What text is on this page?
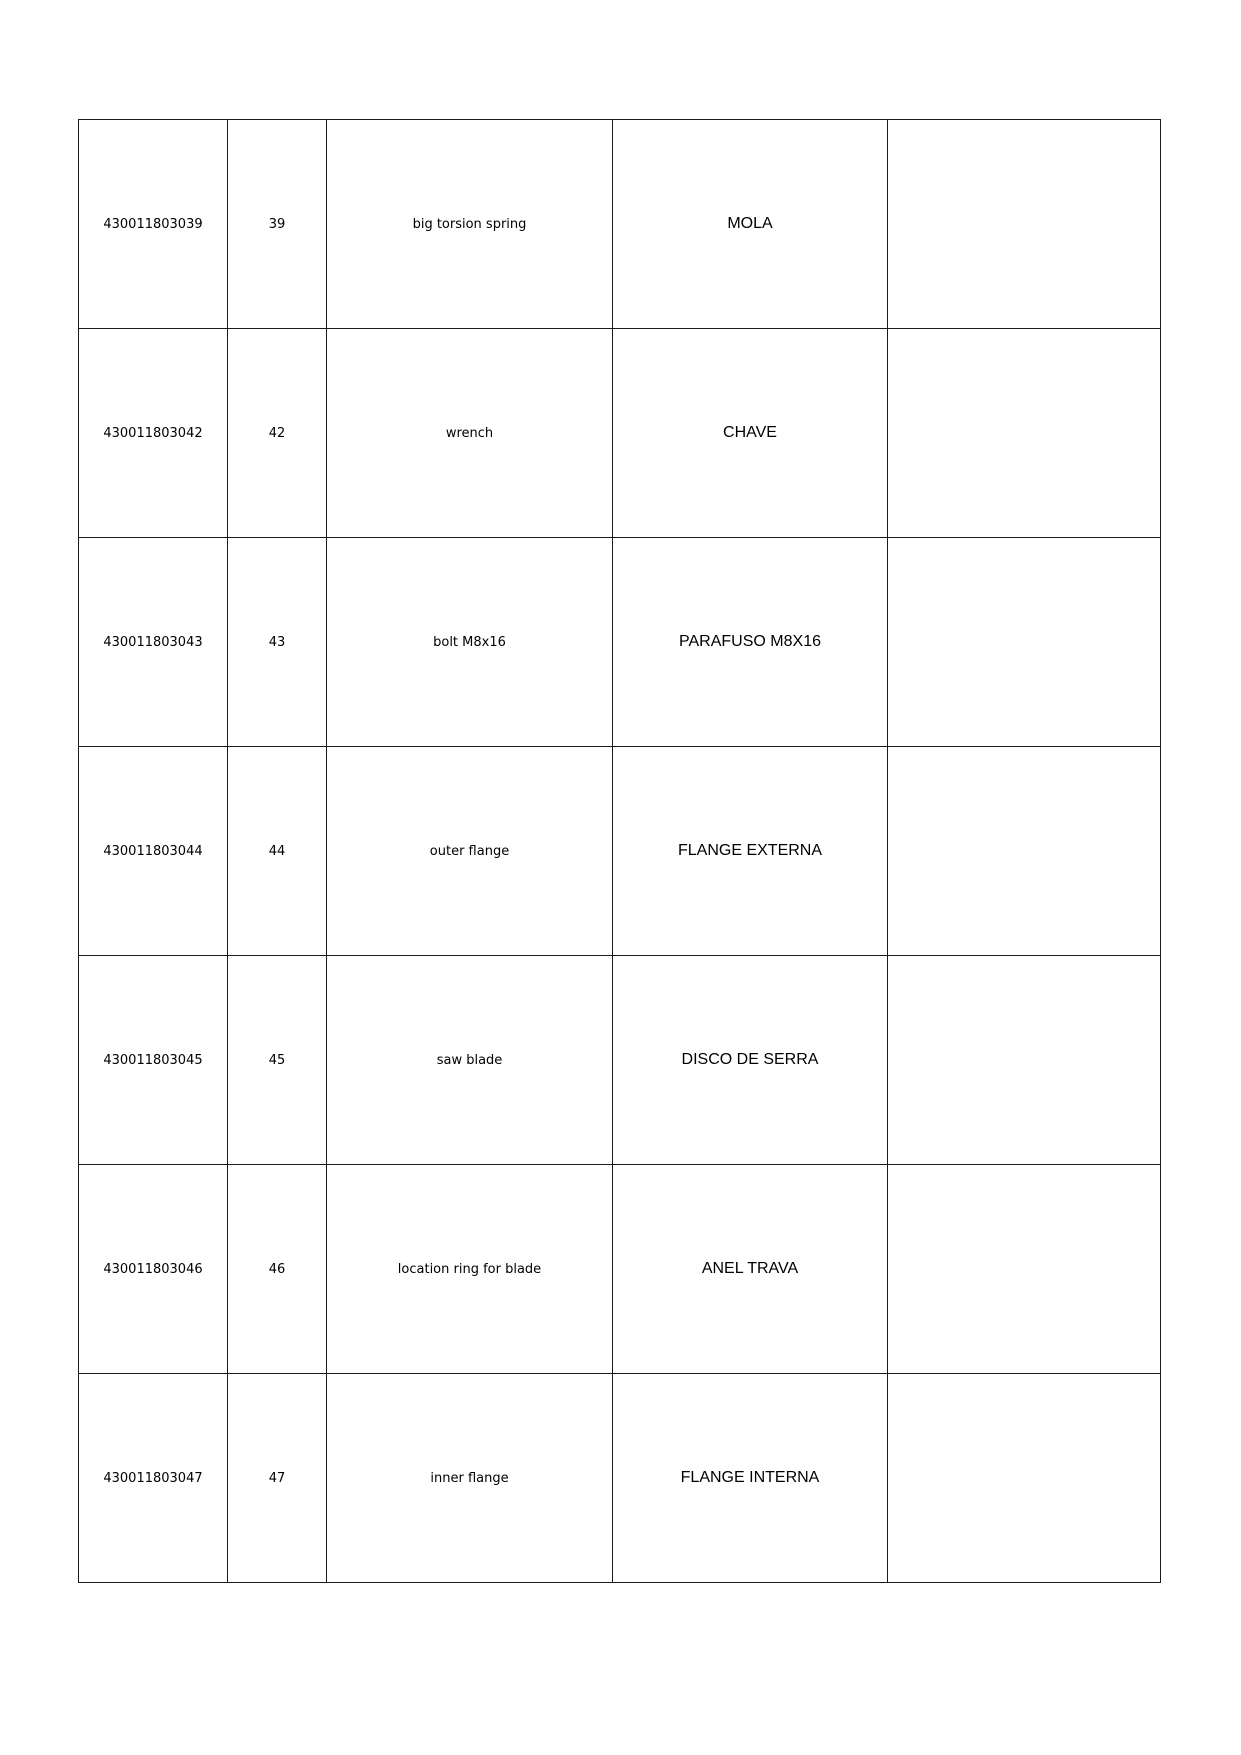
430011803039	39	big torsion spring	MOLA	
430011803042	42	wrench	CHAVE	
430011803043	43	bolt M8x16	PARAFUSO M8X16	
430011803044	44	outer flange	FLANGE EXTERNA	
430011803045	45	saw blade	DISCO DE SERRA	
430011803046	46	location ring for blade	ANEL TRAVA	
430011803047	47	inner flange	FLANGE INTERNA	
